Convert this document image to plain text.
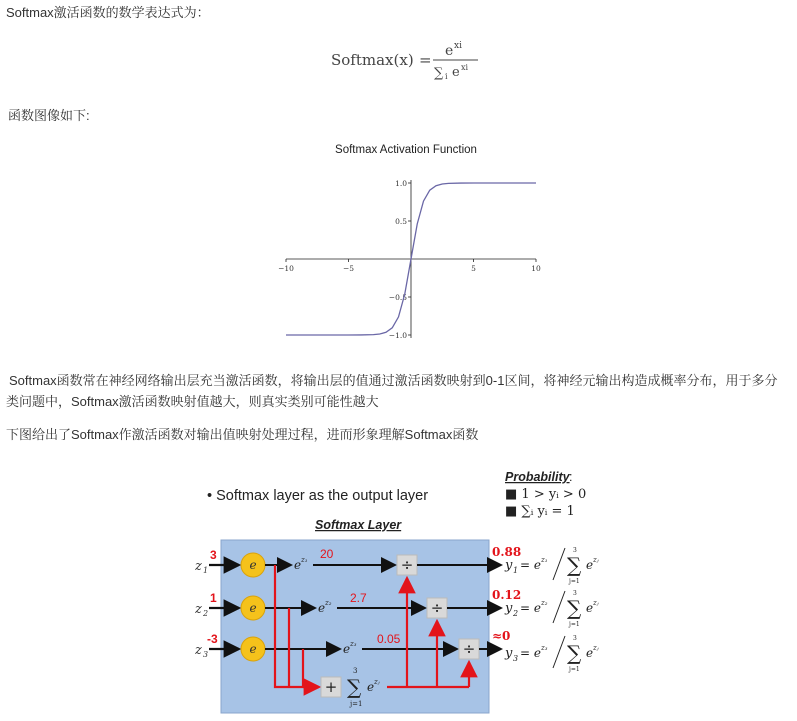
Softmax激活函数的数学表达式为：
Softmax(x) = e xi
∑ i e xi
函数图像如下:
Softmax Activation Function
−10	−5	5	10
1.0
0.5
−0.5
−1.0
Softmax函数常在神经网络输出层充当激活函数，将输出层的值通过激活函数映射到0-1区间，将神经元输出构造成概率分布，用于多分
类问题中，Softmax激活函数映射值越大，则真实类别可能性越大
下图给出了Softmax作激活函数对输出值映射处理过程，进而形象理解Softmax函数
• Softmax layer as the output layer
Probability :
■ 1 > yᵢ > 0
■ ∑ᵢ yᵢ = 1
Softmax Layer
z 1
z 2
z 3
3
1
-3
e
e
e
e z₁
e z₂
e z₃
20
2.7
0.05
+ ∑
3
j=1
e zⱼ
÷
÷
÷
0.88
0.12
≈0
y 1 = e z₁ ∑
3
j=1
e zⱼ
y 2 = e z₂ ∑
3
j=1
e zⱼ
y 3 = e z₃ ∑
3
j=1
e zⱼ
